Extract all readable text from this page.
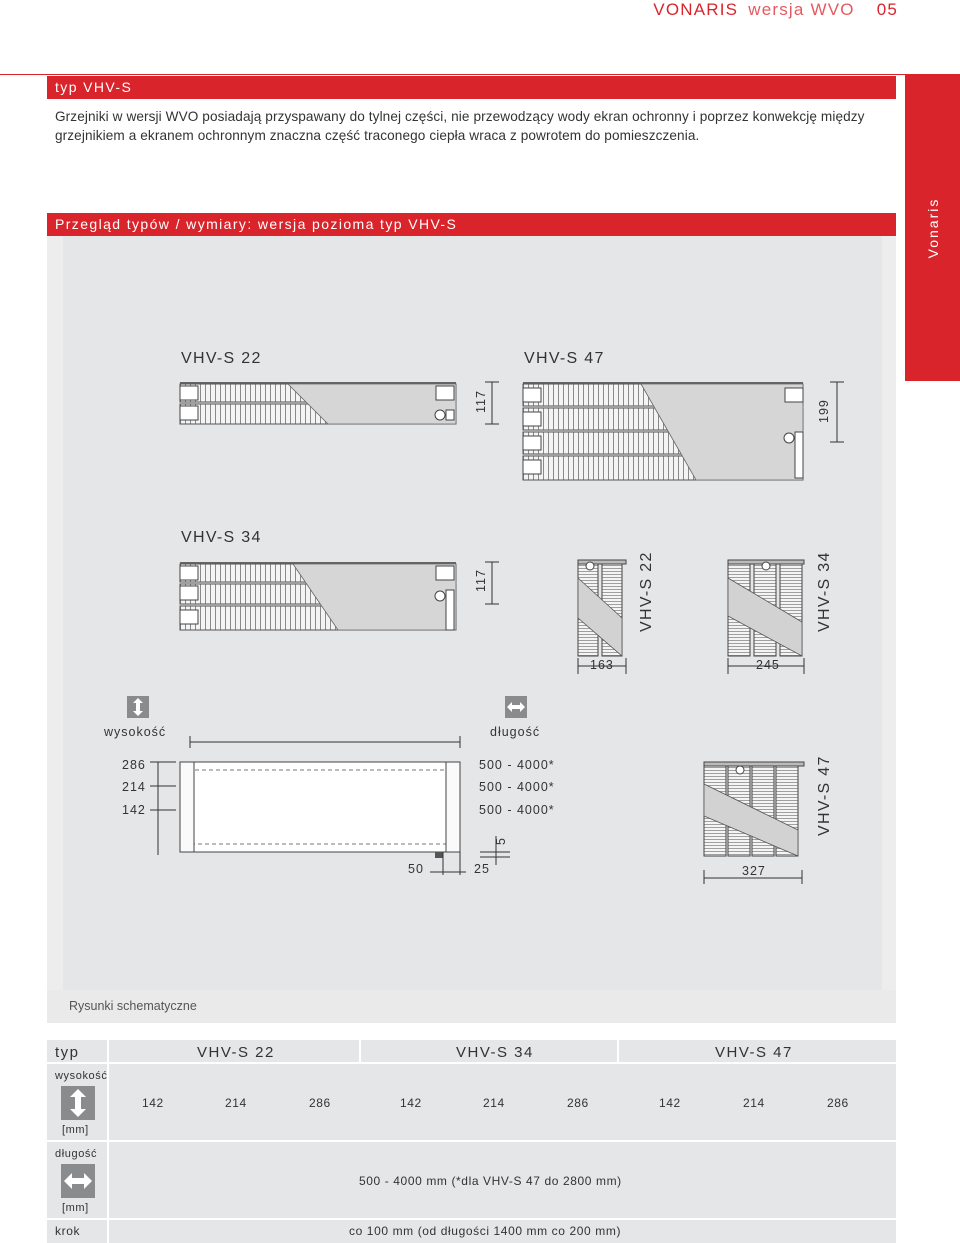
VONARIS wersja WVO 05
Vonaris
typ VHV-S
Grzejniki w wersji WVO posiadają przyspawany do tylnej części, nie przewodzący wody ekran ochronny i poprzez konwekcję między grzejnikiem a ekranem ochronnym znaczna część traconego ciepła wraca z powrotem do pomieszczenia.
Przegląd typów / wymiary: wersja pozioma typ VHV-S
VHV-S 22	VHV-S 47
VHV-S 34
117	199
117	VHV-S 22
163
VHV-S 34
245
wysokość	długość
286
214
142
500 - 4000*
500 - 4000*
500 - 4000*
5
50	25
VHV-S 47
327
Rysunki schematyczne
typ	VHV-S 22	VHV-S 34	VHV-S 47
wysokość
[mm]
142	214	286	142	214	286	142	214	286
długość
[mm]
500 - 4000 mm (*dla VHV-S 47 do 2800 mm)
krok	co 100 mm (od długości 1400 mm co 200 mm)
